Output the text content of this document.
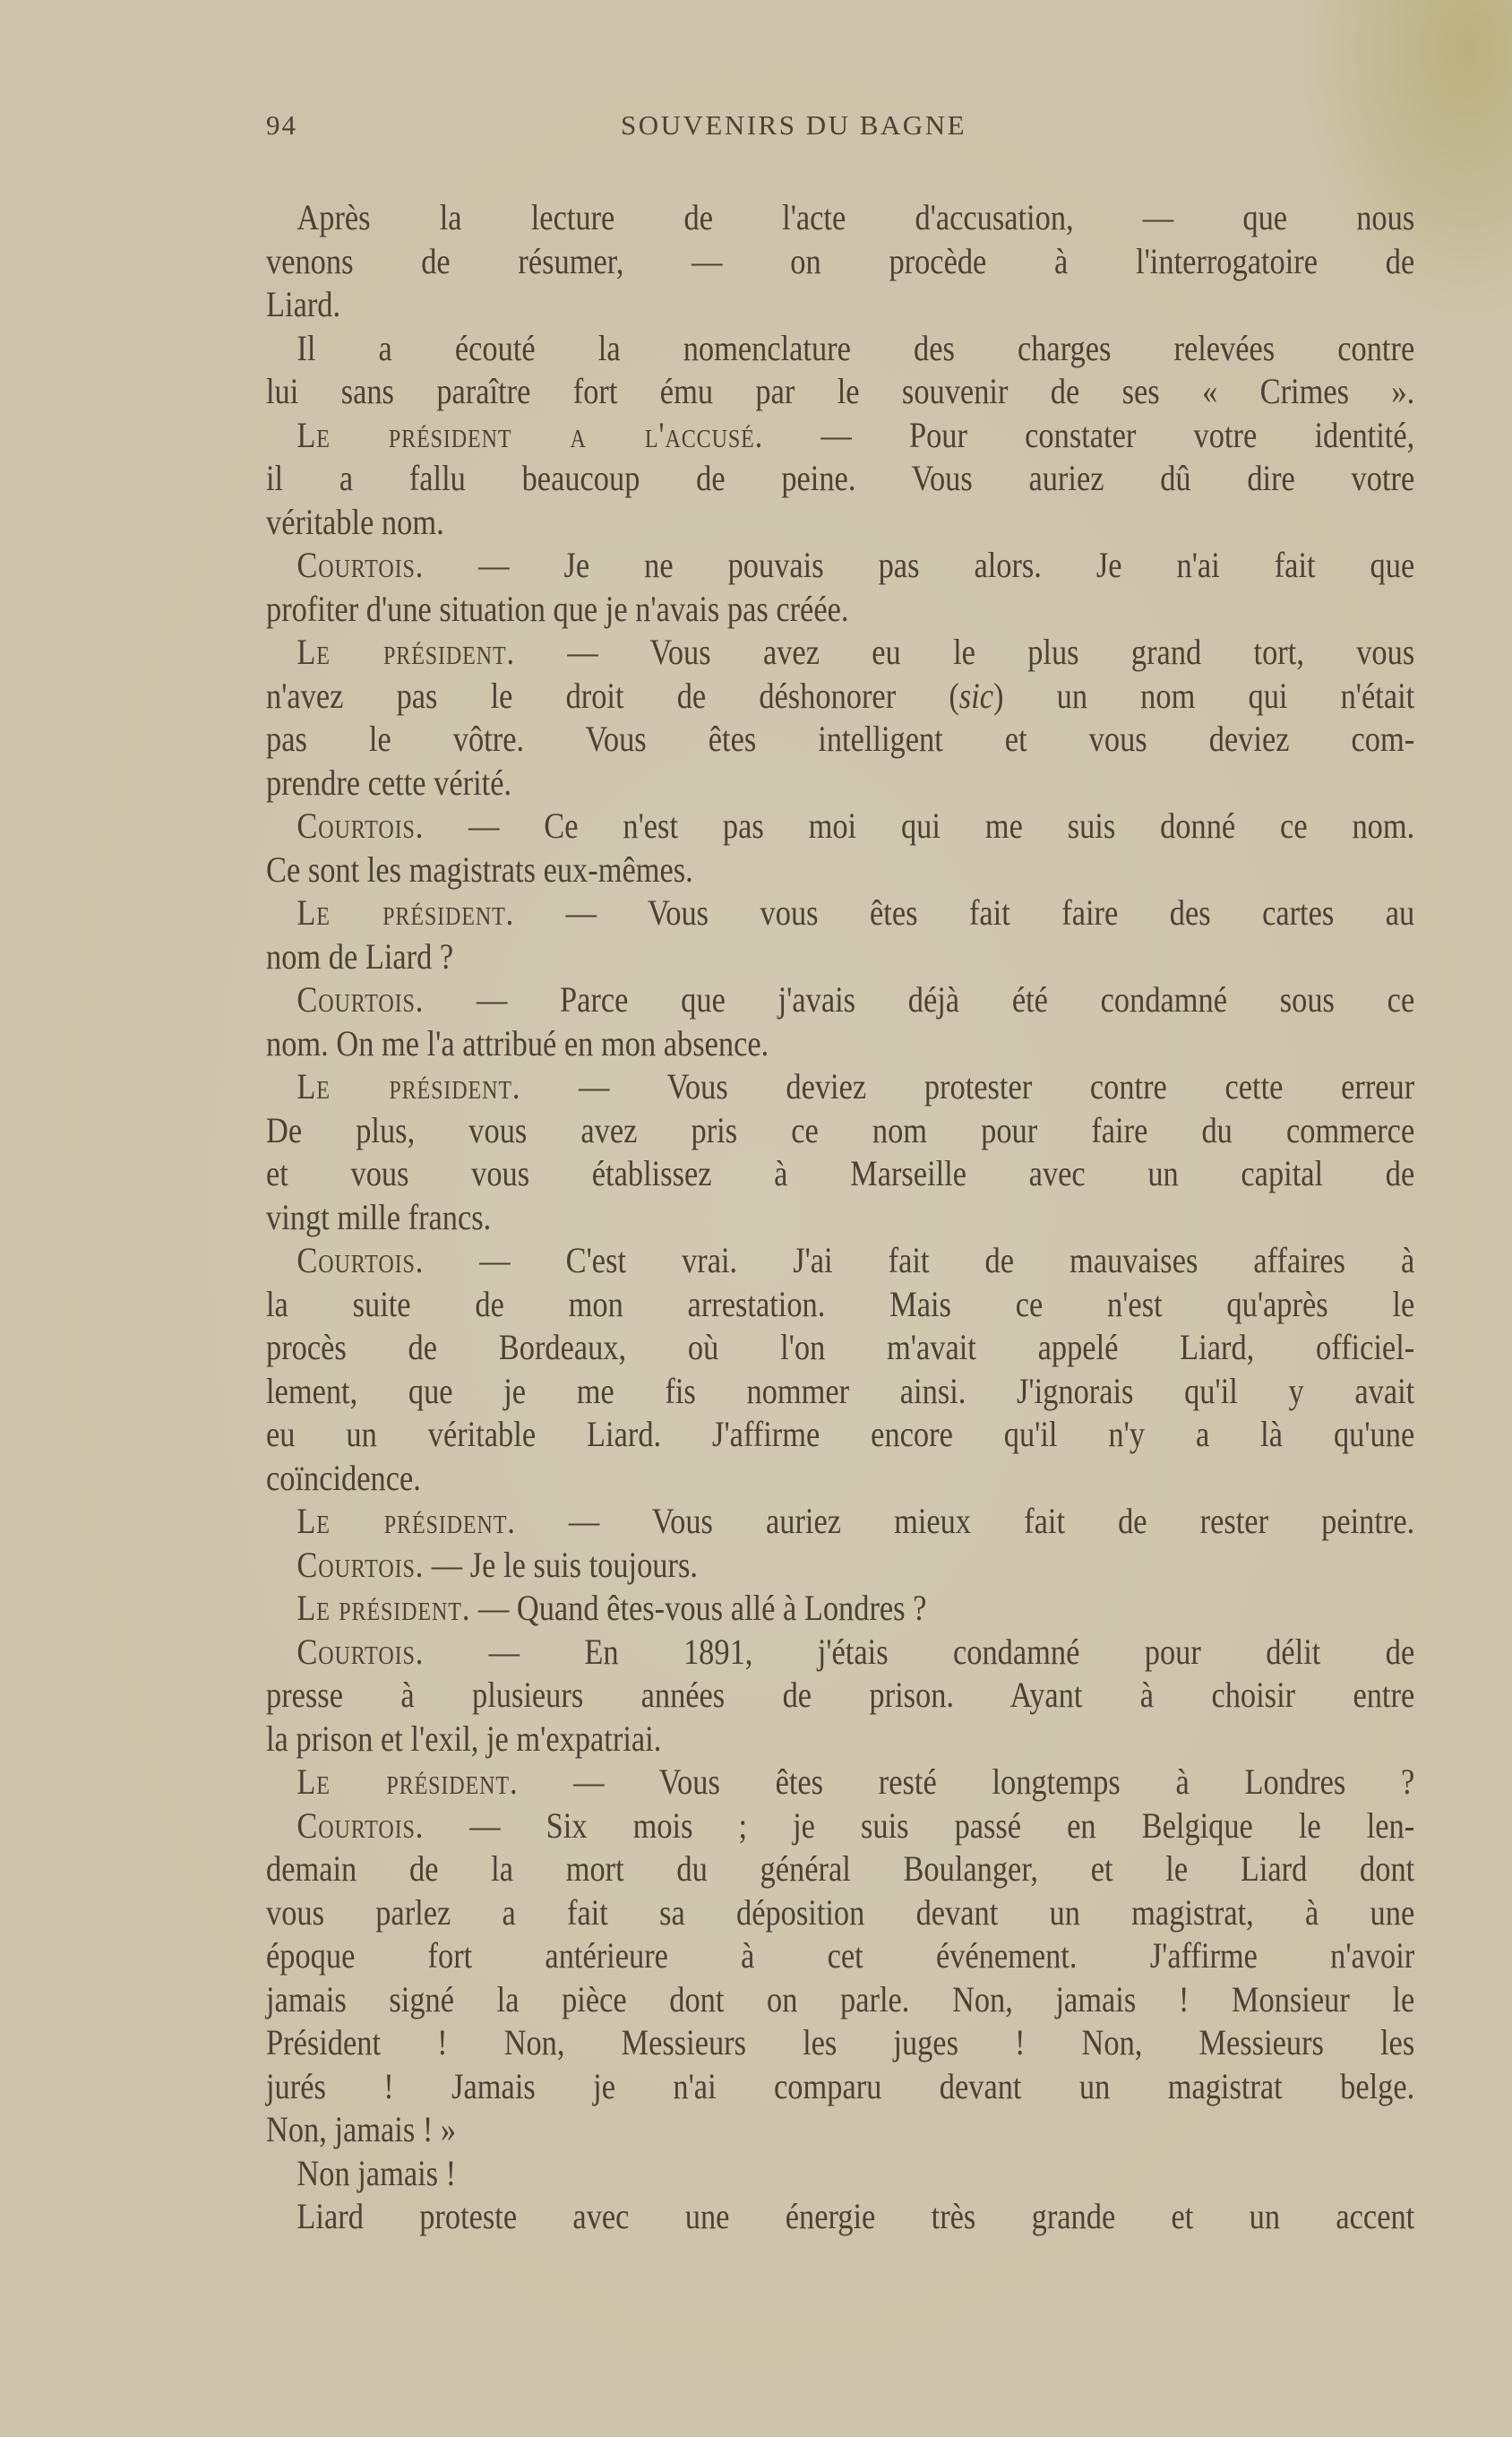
94	SOUVENIRS DU BAGNE
Après la lecture de l'acte d'accusation, — que nous
venons de résumer, — on procède à l'interrogatoire de
Liard.
Il a écouté la nomenclature des charges relevées contre
lui sans paraître fort ému par le souvenir de ses « Crimes ».
Le président a l'accusé. — Pour constater votre identité,
il a fallu beaucoup de peine. Vous auriez dû dire votre
véritable nom.
Courtois. — Je ne pouvais pas alors. Je n'ai fait que
profiter d'une situation que je n'avais pas créée.
Le président. — Vous avez eu le plus grand tort, vous
n'avez pas le droit de déshonorer (sic) un nom qui n'était
pas le vôtre. Vous êtes intelligent et vous deviez com-
prendre cette vérité.
Courtois. — Ce n'est pas moi qui me suis donné ce nom.
Ce sont les magistrats eux-mêmes.
Le président. — Vous vous êtes fait faire des cartes au
nom de Liard ?
Courtois. — Parce que j'avais déjà été condamné sous ce
nom. On me l'a attribué en mon absence.
Le président. — Vous deviez protester contre cette erreur
De plus, vous avez pris ce nom pour faire du commerce
et vous vous établissez à Marseille avec un capital de
vingt mille francs.
Courtois. — C'est vrai. J'ai fait de mauvaises affaires à
la suite de mon arrestation. Mais ce n'est qu'après le
procès de Bordeaux, où l'on m'avait appelé Liard, officiel-
lement, que je me fis nommer ainsi. J'ignorais qu'il y avait
eu un véritable Liard. J'affirme encore qu'il n'y a là qu'une
coïncidence.
Le président. — Vous auriez mieux fait de rester peintre.
Courtois. — Je le suis toujours.
Le président. — Quand êtes-vous allé à Londres ?
Courtois. — En 1891, j'étais condamné pour délit de
presse à plusieurs années de prison. Ayant à choisir entre
la prison et l'exil, je m'expatriai.
Le président. — Vous êtes resté longtemps à Londres ?
Courtois. — Six mois ; je suis passé en Belgique le len-
demain de la mort du général Boulanger, et le Liard dont
vous parlez a fait sa déposition devant un magistrat, à une
époque fort antérieure à cet événement. J'affirme n'avoir
jamais signé la pièce dont on parle. Non, jamais ! Monsieur le
Président ! Non, Messieurs les juges ! Non, Messieurs les
jurés ! Jamais je n'ai comparu devant un magistrat belge.
Non, jamais ! »
Non jamais !
Liard proteste avec une énergie très grande et un accent
